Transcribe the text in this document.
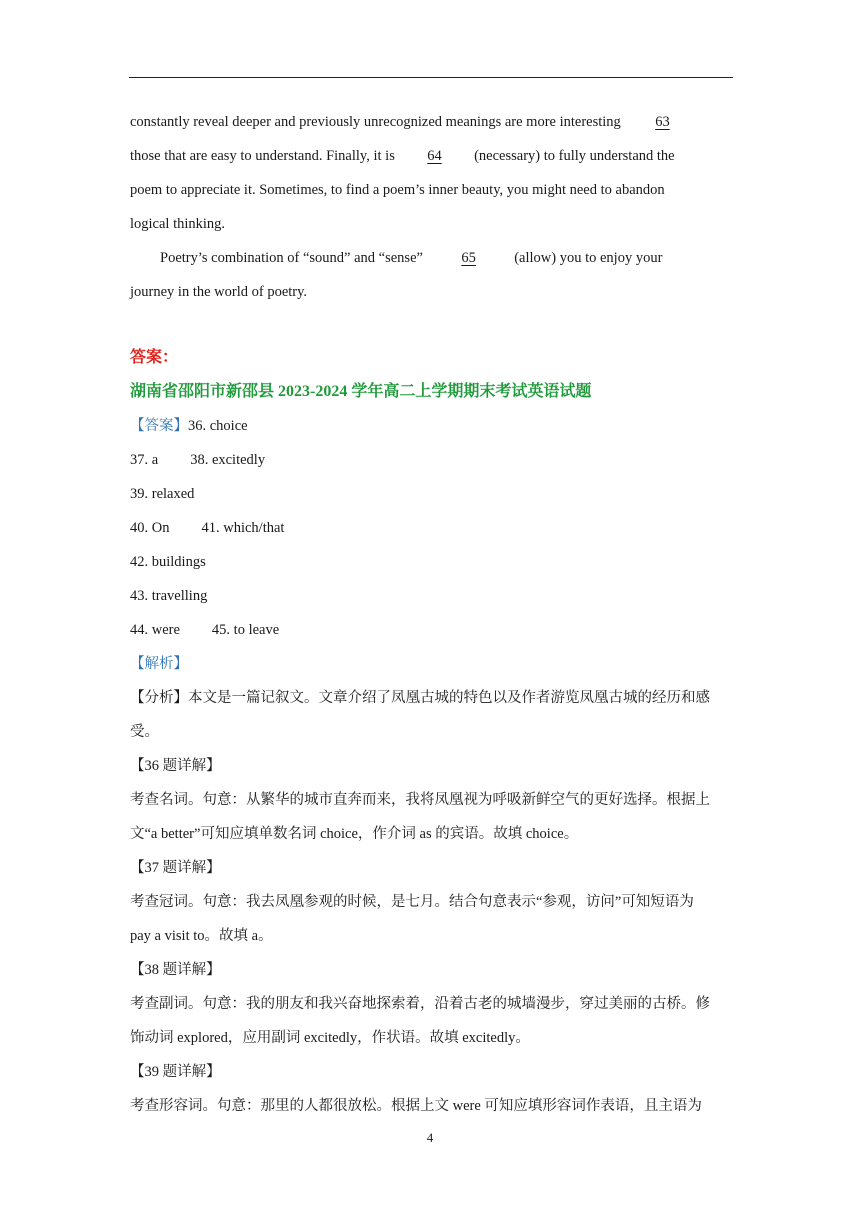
constantly reveal deeper and previously unrecognized meanings are more interesting 63
those that are easy to understand. Finally, it is 64 (necessary) to fully understand the
poem to appreciate it. Sometimes, to find a poem’s inner beauty, you might need to abandon
logical thinking.
Poetry’s combination of “sound” and “sense”	65	(allow) you to enjoy your
journey in the world of poetry.
答案：
湖南省邵阳市新邵县 2023-2024 学年高二上学期期末考试英语试题
【答案】36. choice
37. a 38. excitedly
39. relaxed
40. On 41. which/that
42. buildings
43. travelling
44. were 45. to leave
【解析】
【分析】本文是一篇记叙文。文章介绍了凤凰古城的特色以及作者游览凤凰古城的经历和感
受。
【36 题详解】
考查名词。句意：从繁华的城市直奔而来，我将凤凰视为呼吸新鲜空气的更好选择。根据上
文“a better”可知应填单数名词 choice，作介词 as 的宾语。故填 choice。
【37 题详解】
考查冠词。句意：我去凤凰参观的时候，是七月。结合句意表示“参观，访问”可知短语为
pay a visit to。故填 a。
【38 题详解】
考查副词。句意：我的朋友和我兴奋地探索着，沿着古老的城墙漫步，穿过美丽的古桥。修
饰动词 explored，应用副词 excitedly，作状语。故填 excitedly。
【39 题详解】
考查形容词。句意：那里的人都很放松。根据上文 were 可知应填形容词作表语，且主语为
4
